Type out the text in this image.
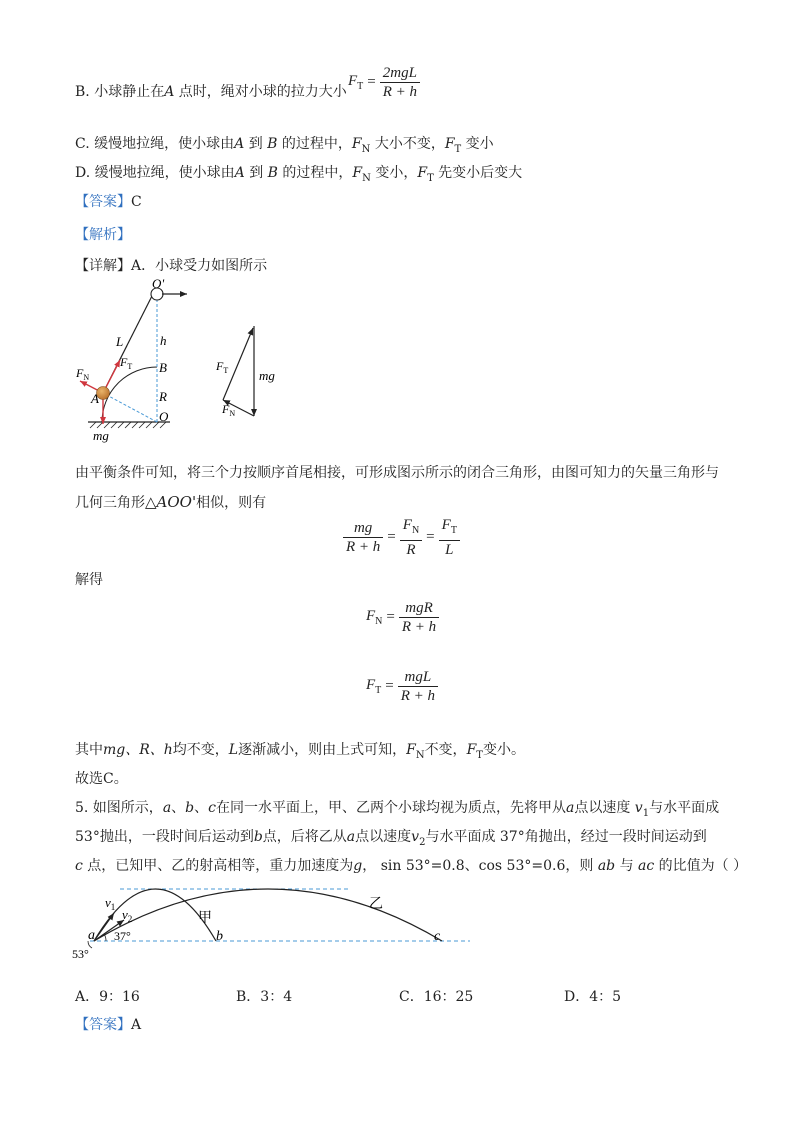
B. 小球静止在A 点时，绳对小球的拉力大小
$F_T = \frac{\text{2mgL}}{R + h}$
C. 缓慢地拉绳，使小球由A 到 B 的过程中，$F_N$ 大小不变，$F_T$ 变小
D. 缓慢地拉绳，使小球由A 到 B 的过程中，$F_N$ 变小，$F_T$ 先变小后变大
【答案】C
【解析】
【详解】A．小球受力如图所示
O'
h
L
$F_T$ B
$F_N$
A	R
O
mg
$F_T$ mg
$F_N$
由平衡条件可知，将三个力按顺序首尾相接，可形成图示所示的闭合三角形，由图可知力的矢量三角形与
几何三角形△AOO'相似，则有
$\frac{mg}{R + h} = \frac{F_N}{R} = \frac{F_T}{L}$
解得
$F_N = \frac{\text{mgR}}{R + h}$
$F_T = \frac{\text{mgL}}{R + h}$
其中mg、R、h均不变，L逐渐减小，则由上式可知，$F_N$不变，$F_T$变小。
故选C。
5. 如图所示，a、b、c在同一水平面上，甲、乙两个小球均视为质点，先将甲从a点以速度 $v_1$与水平面成
53°抛出，一段时间后运动到b点，后将乙从a点以速度$v_2$与水平面成 37°角抛出，经过一段时间运动到
c 点，已知甲、乙的射高相等，重力加速度为g， sin 53°=0.8、cos 53°=0.6，则 ab 与 ac 的比值为（ ）
$v_1$ $v_2$	甲
乙
a	b	c
37°
53°
A．9：16	B．3：4	C．16：25	D．4：5
【答案】A
